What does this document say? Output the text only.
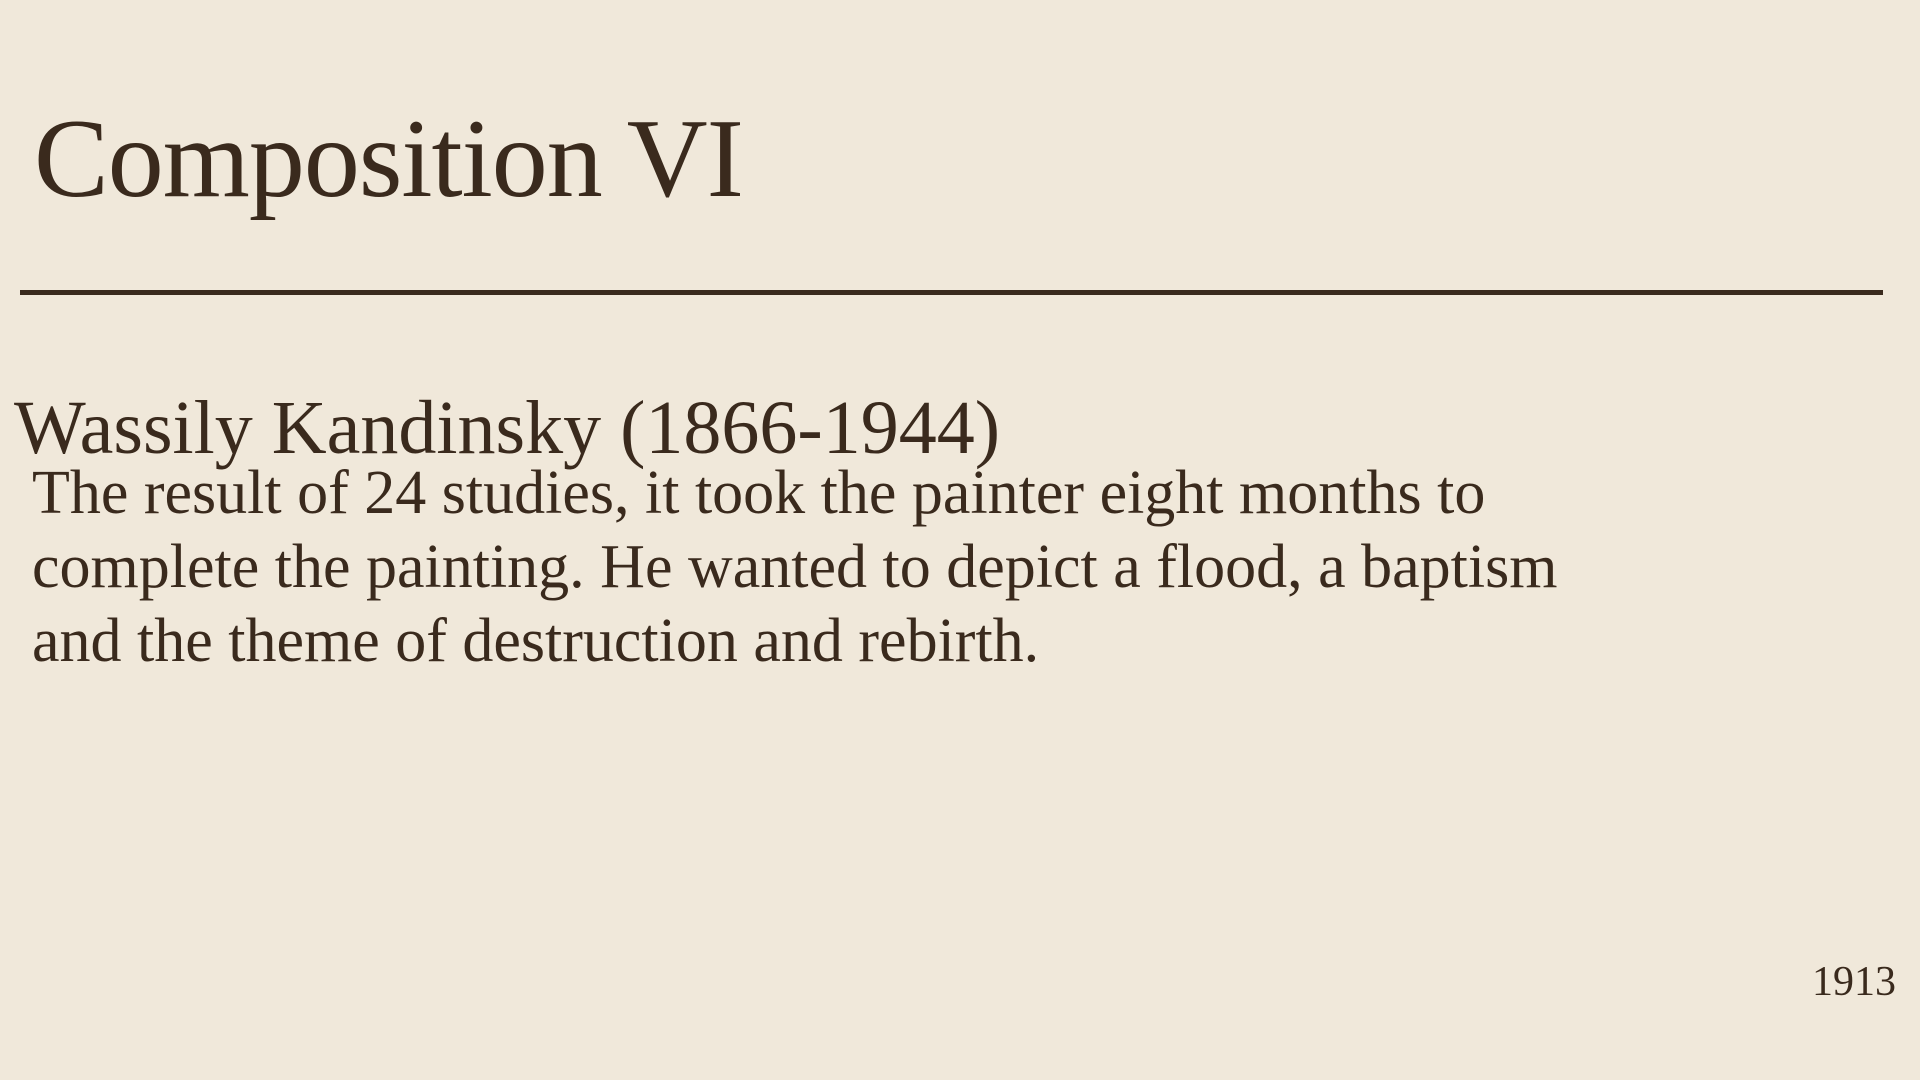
Composition VI
Wassily Kandinsky (1866-1944)
The result of 24 studies, it took the painter eight months to
complete the painting. He wanted to depict a flood, a baptism
and the theme of destruction and rebirth.
1913
